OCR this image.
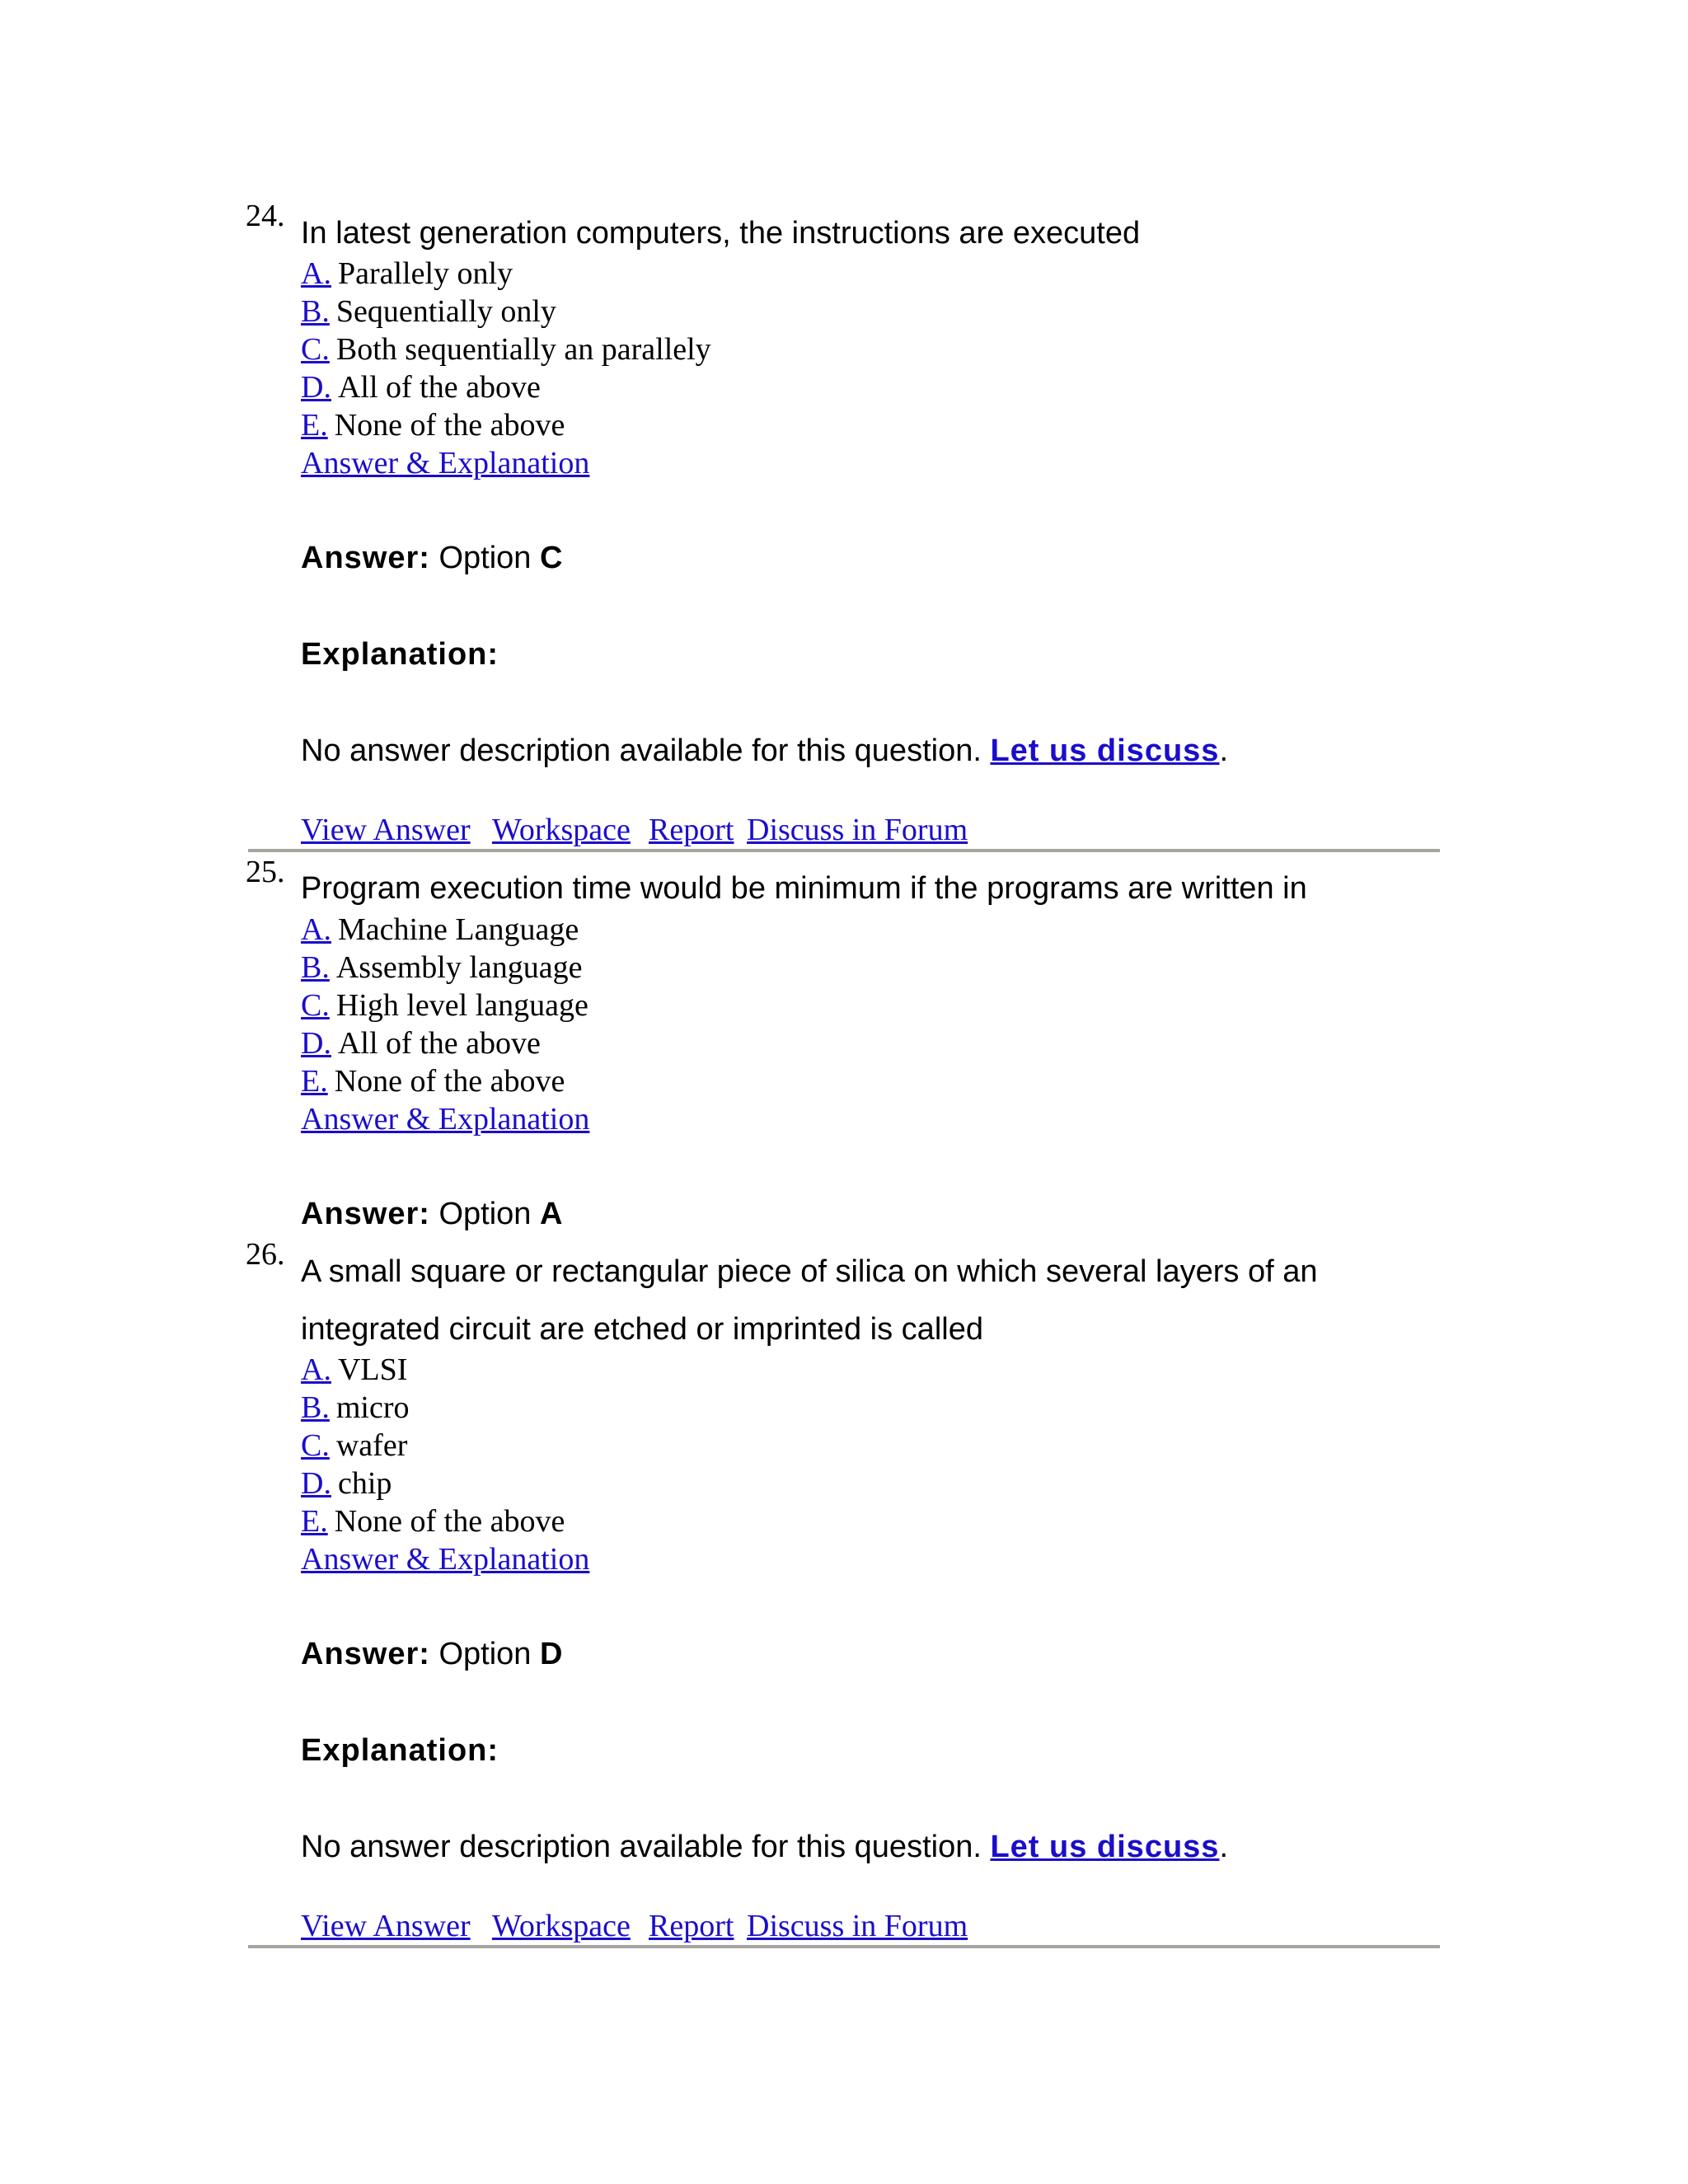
24. In latest generation computers, the instructions are executed
A. Parallely only
B. Sequentially only
C. Both sequentially an parallely
D. All of the above
E. None of the above
Answer & Explanation
Answer: Option C
Explanation:
No answer description available for this question. Let us discuss.
View Answer Workspace Report Discuss in Forum
25. Program execution time would be minimum if the programs are written in
A. Machine Language
B. Assembly language
C. High level language
D. All of the above
E. None of the above
Answer & Explanation
Answer: Option A
26. A small square or rectangular piece of silica on which several layers of an
integrated circuit are etched or imprinted is called
A. VLSI
B. micro
C. wafer
D. chip
E. None of the above
Answer & Explanation
Answer: Option D
Explanation:
No answer description available for this question. Let us discuss.
View Answer Workspace Report Discuss in Forum
